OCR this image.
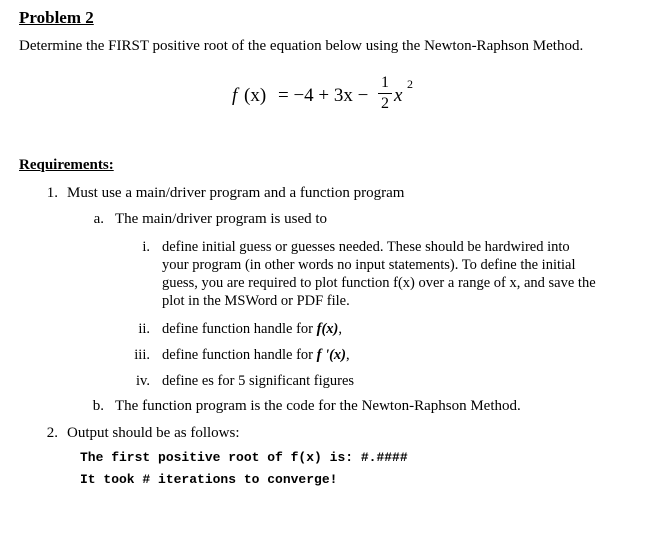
Problem 2
Determine the FIRST positive root of the equation below using the Newton-Raphson Method.
f (x) = −4 + 3x −
1
2 x
2
Requirements:
1. Must use a main/driver program and a function program
a. The main/driver program is used to
i. define initial guess or guesses needed. These should be hardwired into
your program (in other words no input statements). To define the initial
guess, you are required to plot function f(x) over a range of x, and save the
plot in the MSWord or PDF file.
ii. define function handle for f(x),
iii. define function handle for f '(x),
iv. define es for 5 significant figures
b. The function program is the code for the Newton-Raphson Method.
2. Output should be as follows:
The first positive root of f(x) is: #.####
It took # iterations to converge!
